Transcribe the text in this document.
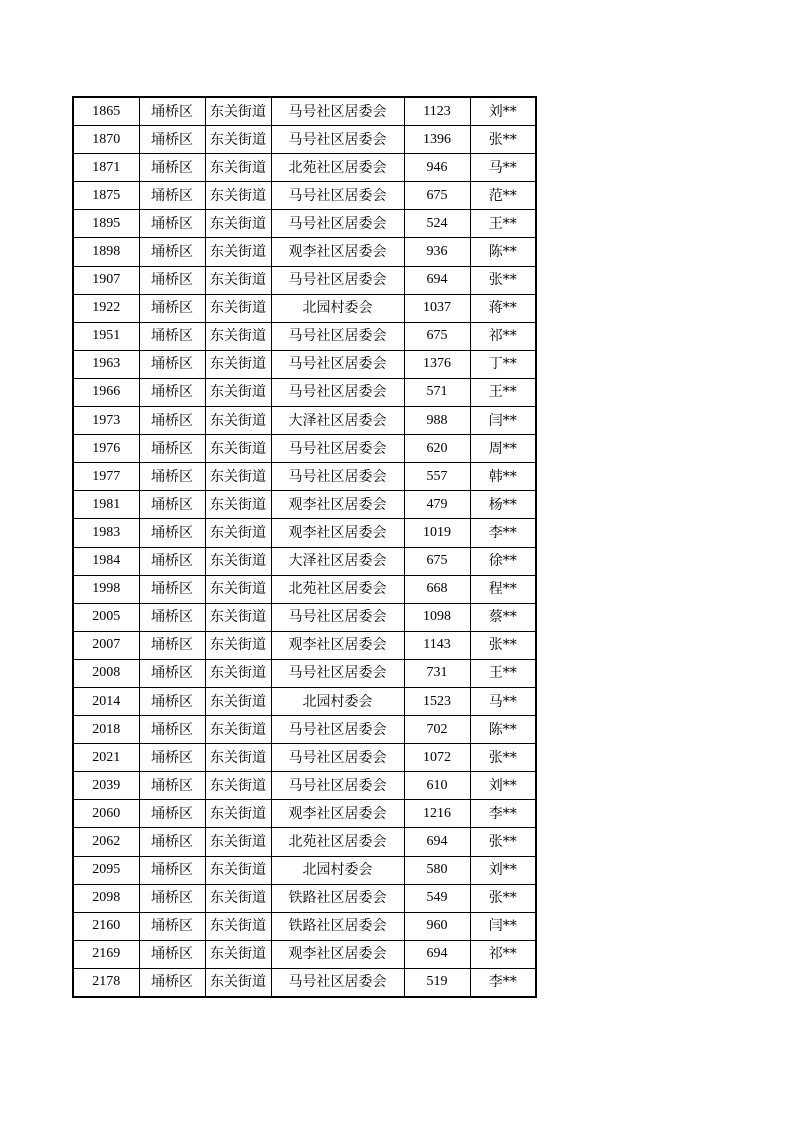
1865	埇桥区	东关街道	马号社区居委会	1123	刘**
1870	埇桥区	东关街道	马号社区居委会	1396	张**
1871	埇桥区	东关街道	北苑社区居委会	946	马**
1875	埇桥区	东关街道	马号社区居委会	675	范**
1895	埇桥区	东关街道	马号社区居委会	524	王**
1898	埇桥区	东关街道	观李社区居委会	936	陈**
1907	埇桥区	东关街道	马号社区居委会	694	张**
1922	埇桥区	东关街道	北园村委会	1037	蒋**
1951	埇桥区	东关街道	马号社区居委会	675	祁**
1963	埇桥区	东关街道	马号社区居委会	1376	丁**
1966	埇桥区	东关街道	马号社区居委会	571	王**
1973	埇桥区	东关街道	大泽社区居委会	988	闫**
1976	埇桥区	东关街道	马号社区居委会	620	周**
1977	埇桥区	东关街道	马号社区居委会	557	韩**
1981	埇桥区	东关街道	观李社区居委会	479	杨**
1983	埇桥区	东关街道	观李社区居委会	1019	李**
1984	埇桥区	东关街道	大泽社区居委会	675	徐**
1998	埇桥区	东关街道	北苑社区居委会	668	程**
2005	埇桥区	东关街道	马号社区居委会	1098	蔡**
2007	埇桥区	东关街道	观李社区居委会	1143	张**
2008	埇桥区	东关街道	马号社区居委会	731	王**
2014	埇桥区	东关街道	北园村委会	1523	马**
2018	埇桥区	东关街道	马号社区居委会	702	陈**
2021	埇桥区	东关街道	马号社区居委会	1072	张**
2039	埇桥区	东关街道	马号社区居委会	610	刘**
2060	埇桥区	东关街道	观李社区居委会	1216	李**
2062	埇桥区	东关街道	北苑社区居委会	694	张**
2095	埇桥区	东关街道	北园村委会	580	刘**
2098	埇桥区	东关街道	铁路社区居委会	549	张**
2160	埇桥区	东关街道	铁路社区居委会	960	闫**
2169	埇桥区	东关街道	观李社区居委会	694	祁**
2178	埇桥区	东关街道	马号社区居委会	519	李**
